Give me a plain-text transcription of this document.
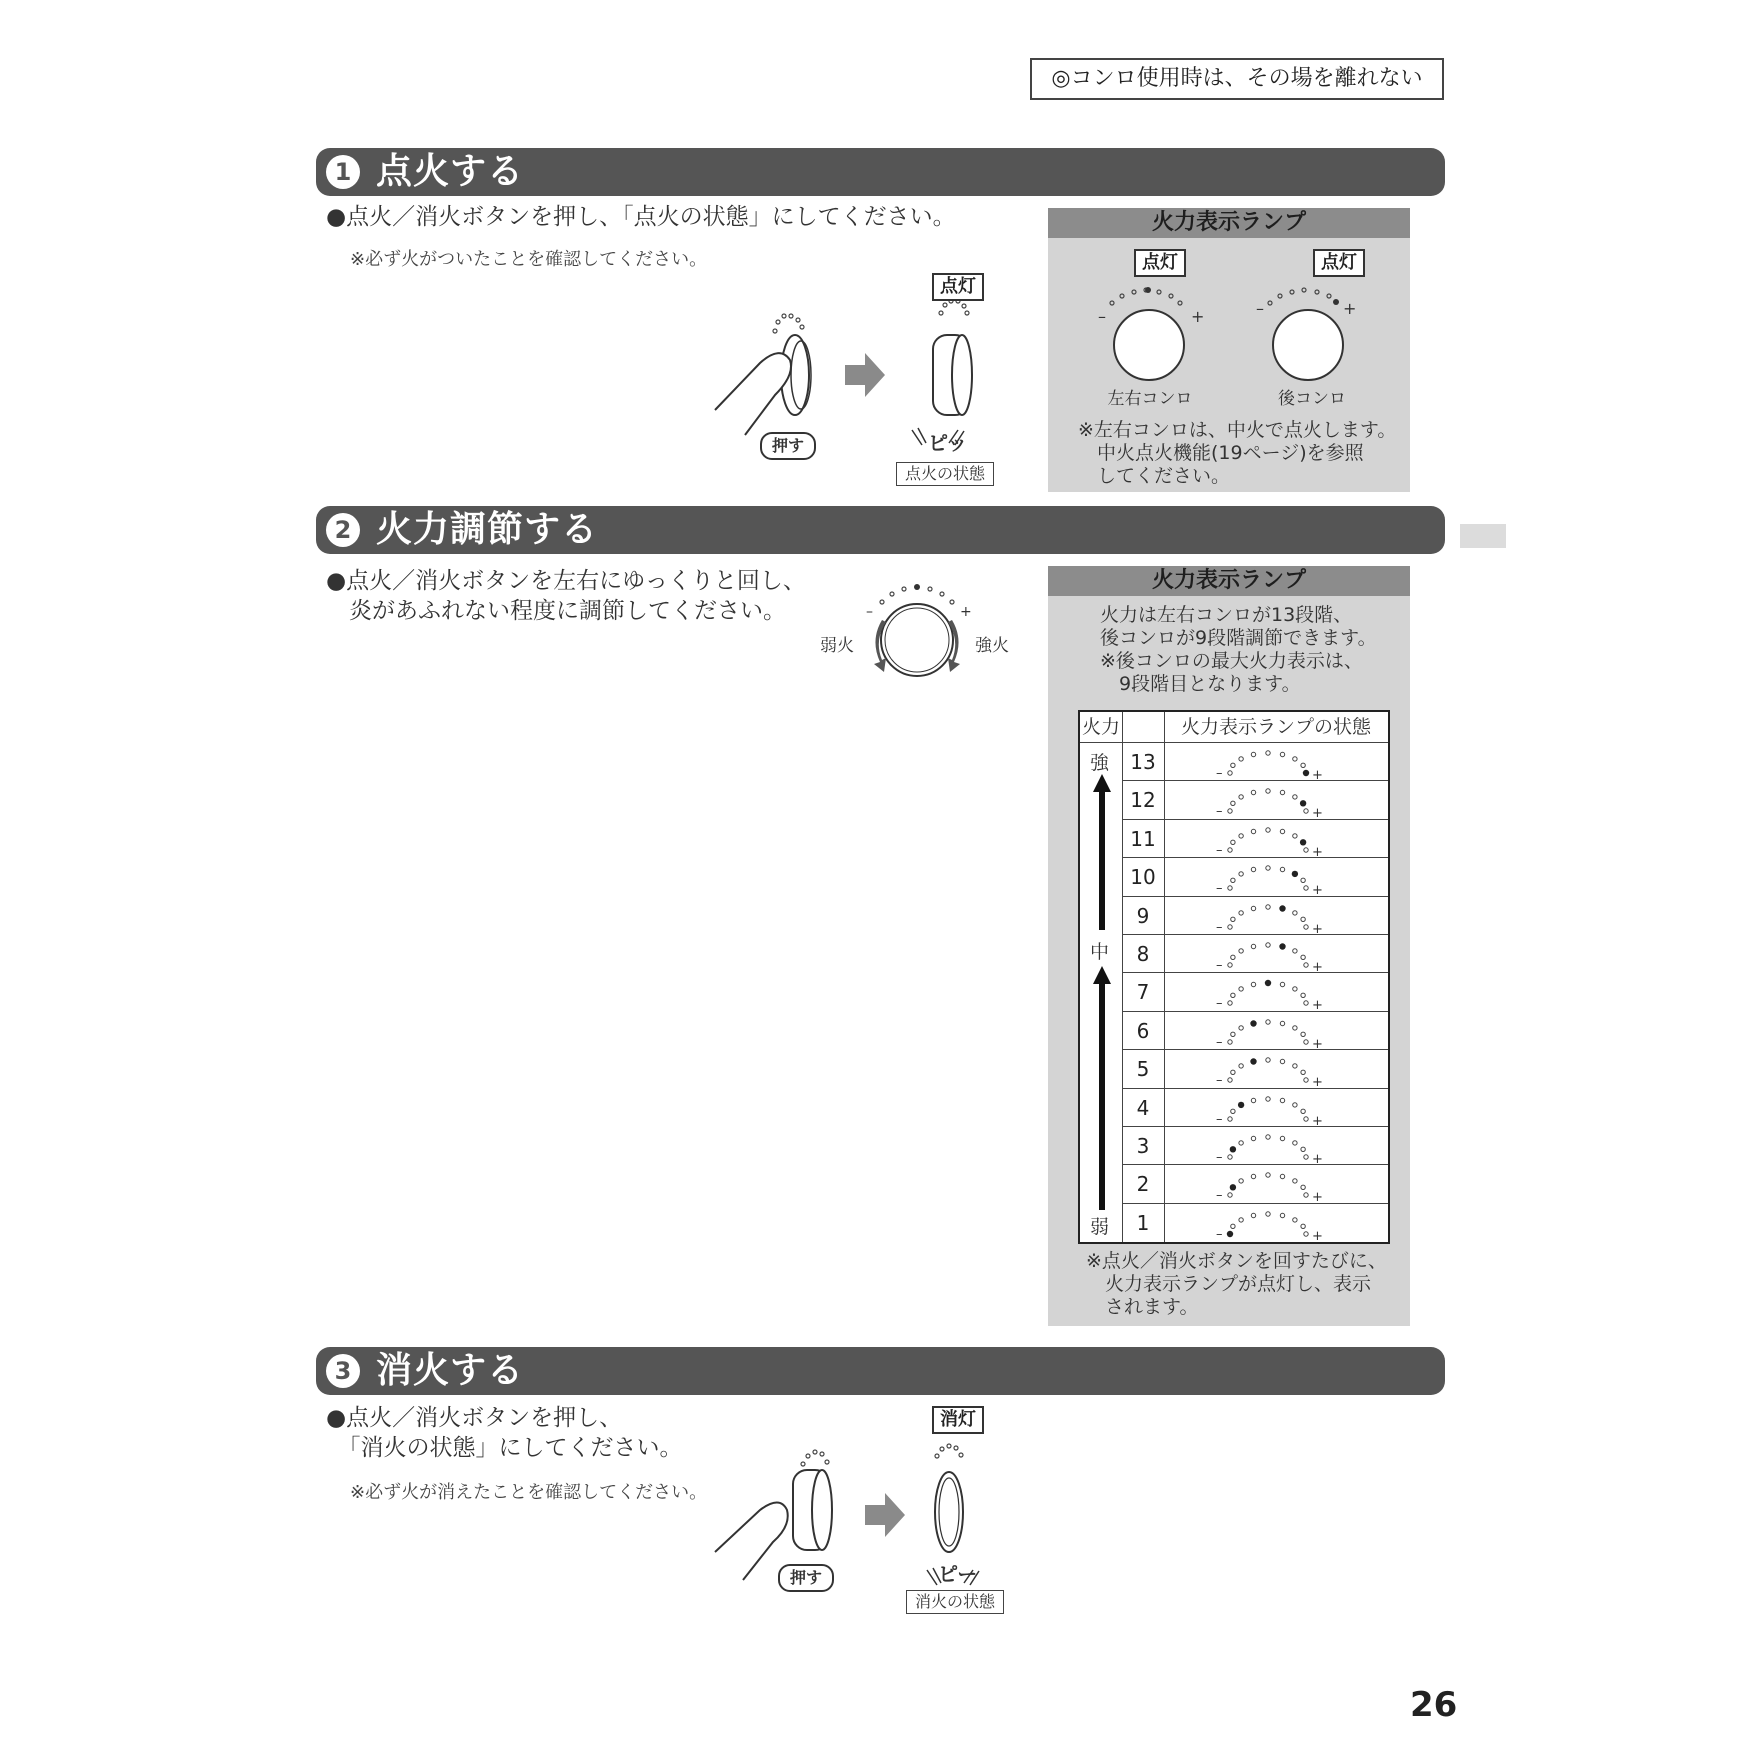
◎コンロ使用時は、その場を離れない
1 点火する
●点火／消火ボタンを押し、「点火の状態」にしてください。
※必ず火がついたことを確認してください。
点灯
押す	ピッ
点火の状態
火力表示ランプ
–	+	–	+
点灯	点灯
左右コンロ	後コンロ
※左右コンロは、中火で点火します。
　中火点火機能(19ページ)を参照
　してください。
2 火力調節する
●点火／消火ボタンを左右にゆっくりと回し、
　炎があふれない程度に調節してください。	–	+
弱火	強火
火力表示ランプ
火力は左右コンロが13段階、
後コンロが9段階調節できます。
※後コンロの最大火力表示は、
　9段階目となります。
火力	火力表示ランプの状態
強
中
弱
13	–	+
12	–	+
11	–	+
10	–	+
9	–	+
8	–	+
7	–	+
6	–	+
5	–	+
4	–	+
3	–	+
2	–	+
1	–	+
※点火／消火ボタンを回すたびに、
　火力表示ランプが点灯し、表示
　されます。
3 消火する
●点火／消火ボタンを押し、
　「消火の状態」にしてください。
※必ず火が消えたことを確認してください。
消灯
押す	ピー
消火の状態
26
